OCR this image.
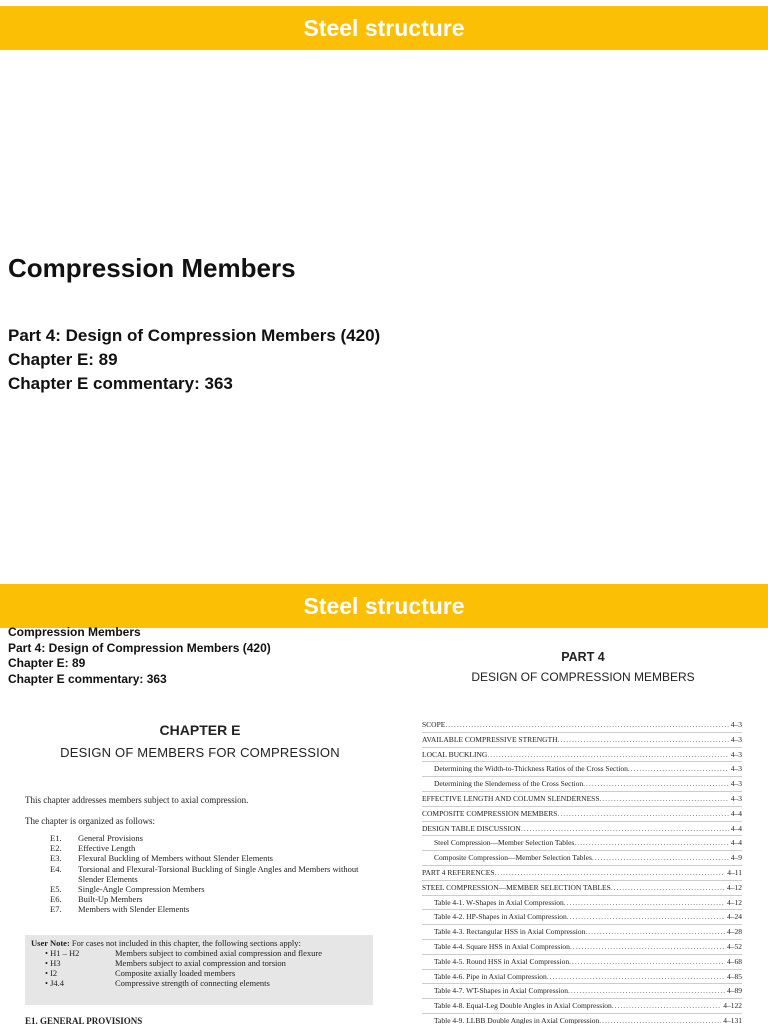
Steel structure
Compression Members
Part 4: Design of Compression Members (420)
Chapter E: 89
Chapter E commentary: 363
Steel structure
Compression Members
Part 4: Design of Compression Members (420)
Chapter E: 89
Chapter E commentary: 363
CHAPTER E
DESIGN OF MEMBERS FOR COMPRESSION
This chapter addresses members subject to axial compression.
The chapter is organized as follows:
E1.	General Provisions
E2.	Effective Length
E3.	Flexural Buckling of Members without Slender Elements
E4.	Torsional and Flexural-Torsional Buckling of Single Angles and Members without Slender Elements
E5.	Single-Angle Compression Members
E6.	Built-Up Members
E7.	Members with Slender Elements
User Note: For cases not included in this chapter, the following sections apply:
• H1 – H2	Members subject to combined axial compression and flexure
• H3	Members subject to axial compression and torsion
• I2	Composite axially loaded members
• J4.4	Compressive strength of connecting elements
E1. GENERAL PROVISIONS
PART 4
DESIGN OF COMPRESSION MEMBERS
SCOPE .....	4–3
AVAILABLE COMPRESSIVE STRENGTH .....	4–3
LOCAL BUCKLING .....	4–3
Determining the Width-to-Thickness Ratios of the Cross Section .....	4–3
Determining the Slenderness of the Cross Section .....	4–3
EFFECTIVE LENGTH AND COLUMN SLENDERNESS .....	4–3
COMPOSITE COMPRESSION MEMBERS .....	4–4
DESIGN TABLE DISCUSSION .....	4–4
Steel Compression—Member Selection Tables .....	4–4
Composite Compression—Member Selection Tables .....	4–9
PART 4 REFERENCES .....	4–11
STEEL COMPRESSION—MEMBER SELECTION TABLES .....	4–12
Table 4-1. W-Shapes in Axial Compression .....	4–12
Table 4-2. HP-Shapes in Axial Compression .....	4–24
Table 4-3. Rectangular HSS in Axial Compression .....	4–28
Table 4-4. Square HSS in Axial Compression .....	4–52
Table 4-5. Round HSS in Axial Compression .....	4–68
Table 4-6. Pipe in Axial Compression .....	4–85
Table 4-7. WT-Shapes in Axial Compression .....	4–89
Table 4-8. Equal-Leg Double Angles in Axial Compression .....	4–122
Table 4-9. LLBB Double Angles in Axial Compression .....	4–131
